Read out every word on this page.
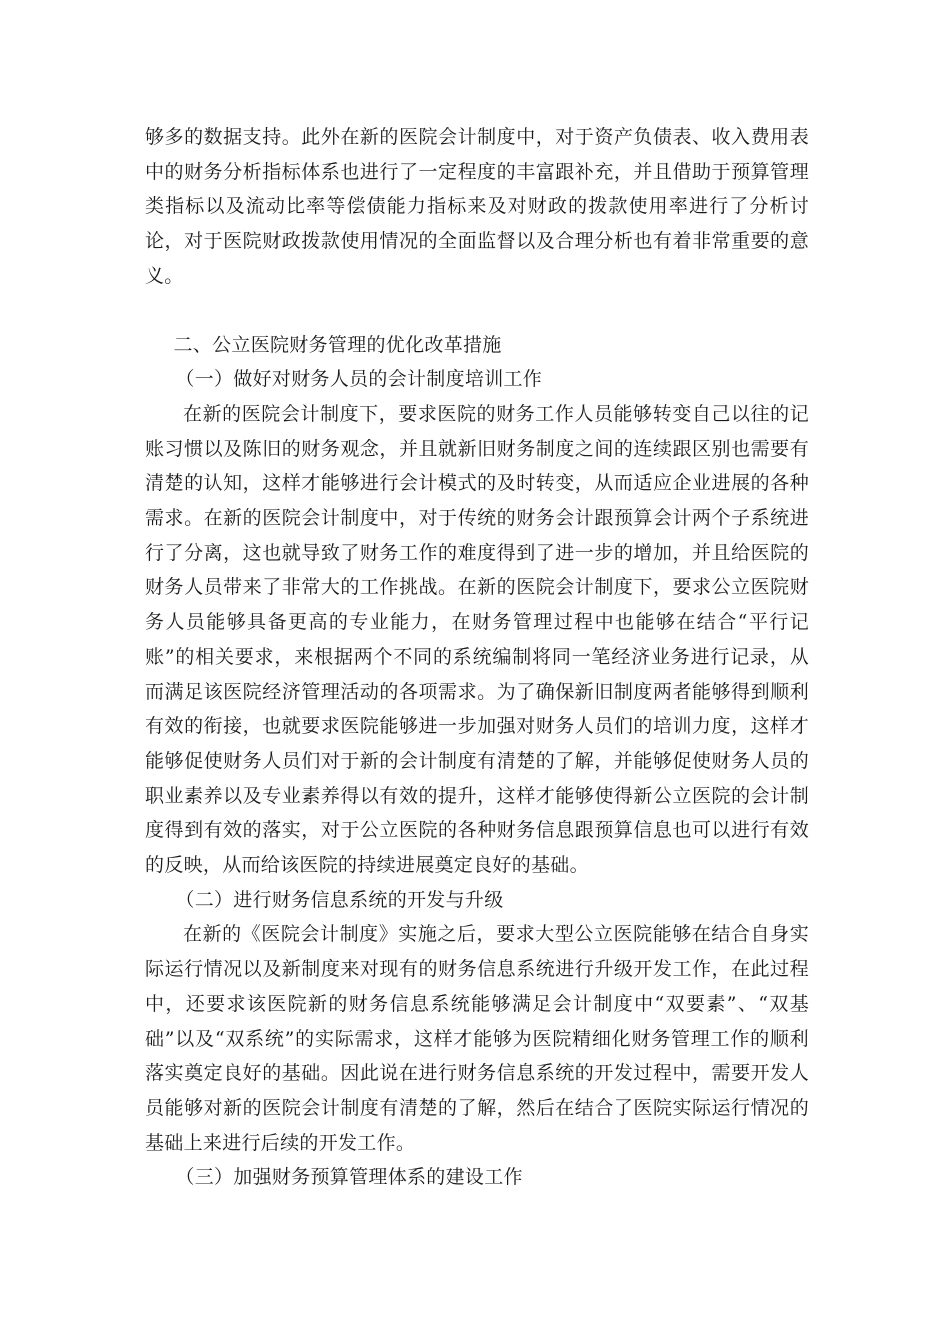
够多的数据支持。此外在新的医院会计制度中，对于资产负债表、收入费用表中的财务分析指标体系也进行了一定程度的丰富跟补充，并且借助于预算管理类指标以及流动比率等偿债能力指标来及对财政的拨款使用率进行了分析讨论，对于医院财政拨款使用情况的全面监督以及合理分析也有着非常重要的意义。

二、公立医院财务管理的优化改革措施

（一）做好对财务人员的会计制度培训工作

在新的医院会计制度下，要求医院的财务工作人员能够转变自己以往的记账习惯以及陈旧的财务观念，并且就新旧财务制度之间的连续跟区别也需要有清楚的认知，这样才能够进行会计模式的及时转变，从而适应企业进展的各种需求。在新的医院会计制度中，对于传统的财务会计跟预算会计两个子系统进行了分离，这也就导致了财务工作的难度得到了进一步的增加，并且给医院的财务人员带来了非常大的工作挑战。在新的医院会计制度下，要求公立医院财务人员能够具备更高的专业能力，在财务管理过程中也能够在结合“平行记账”的相关要求，来根据两个不同的系统编制将同一笔经济业务进行记录，从而满足该医院经济管理活动的各项需求。为了确保新旧制度两者能够得到顺利有效的衔接，也就要求医院能够进一步加强对财务人员们的培训力度，这样才能够促使财务人员们对于新的会计制度有清楚的了解，并能够促使财务人员的职业素养以及专业素养得以有效的提升，这样才能够使得新公立医院的会计制度得到有效的落实，对于公立医院的各种财务信息跟预算信息也可以进行有效的反映，从而给该医院的持续进展奠定良好的基础。

（二）进行财务信息系统的开发与升级

在新的《医院会计制度》实施之后，要求大型公立医院能够在结合自身实际运行情况以及新制度来对现有的财务信息系统进行升级开发工作，在此过程中，还要求该医院新的财务信息系统能够满足会计制度中“双要素”、“双基础”以及“双系统”的实际需求，这样才能够为医院精细化财务管理工作的顺利落实奠定良好的基础。因此说在进行财务信息系统的开发过程中，需要开发人员能够对新的医院会计制度有清楚的了解，然后在结合了医院实际运行情况的基础上来进行后续的开发工作。

（三）加强财务预算管理体系的建设工作
